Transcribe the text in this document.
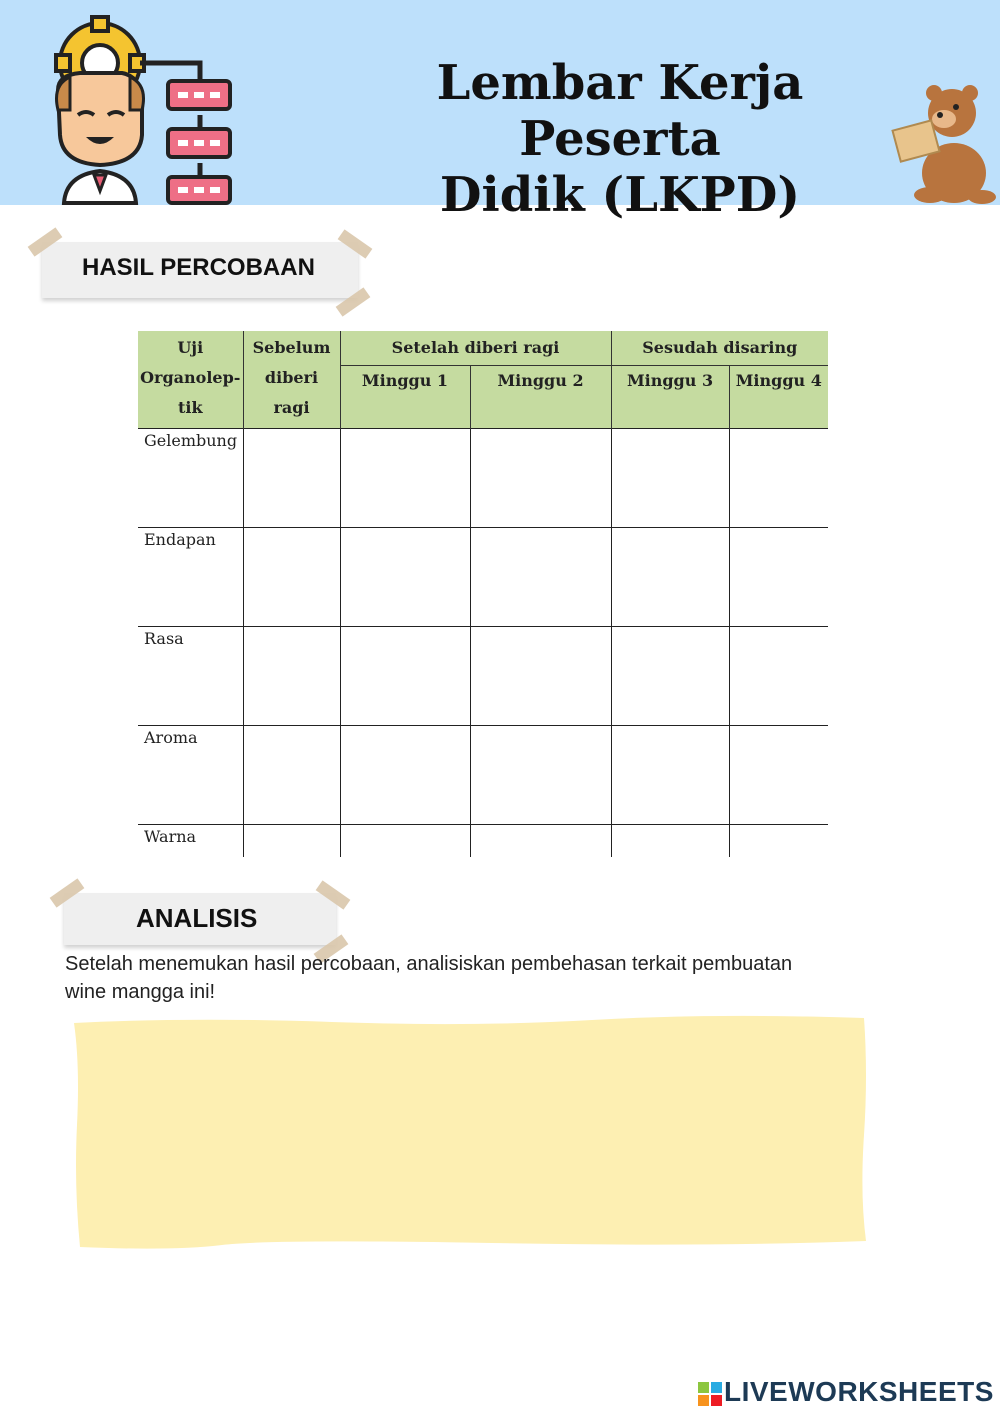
Lembar Kerja Peserta
Didik (LKPD)
HASIL PERCOBAAN
Uji Organolep- tik	Sebelum diberi ragi	Setelah diberi ragi		Sesudah disaring	
		Minggu 1	Minggu 2	Minggu 3	Minggu 4
Gelembung					
Endapan					
Rasa					
Aroma					
Warna					
ANALISIS
Setelah menemukan hasil percobaan, analisiskan pembehasan terkait pembuatan wine mangga ini!
LIVEWORKSHEETS
